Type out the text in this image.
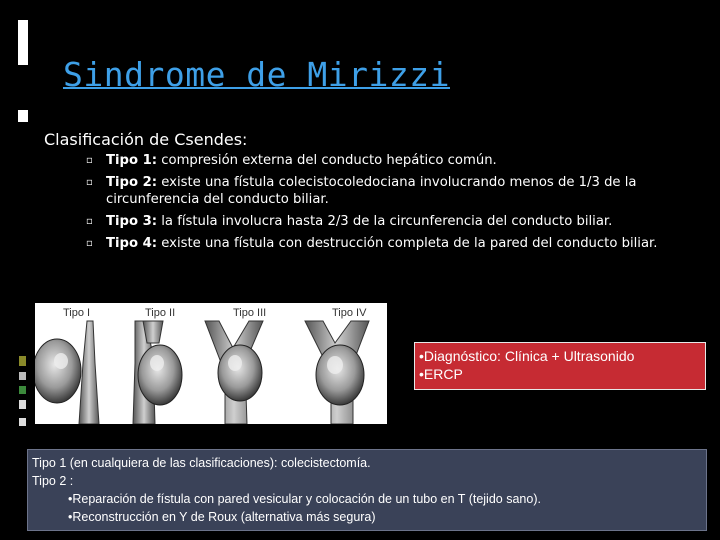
Sindrome de Mirizzi
Clasificación de Csendes:
▫ Tipo 1: compresión externa del conducto hepático común.
▫ Tipo 2: existe una fístula colecistocoledociana involucrando menos de 1/3 de la circunferencia del conducto biliar.
▫ Tipo 3: la fístula involucra hasta 2/3 de la circunferencia del conducto biliar.
▫ Tipo 4: existe una fístula con destrucción completa de la pared del conducto biliar.
Tipo I	Tipo II	Tipo III	Tipo IV
•Diagnóstico: Clínica + Ultrasonido
•ERCP
Tipo 1 (en cualquiera de las clasificaciones): colecistectomía.
Tipo 2 :
•Reparación de fístula con pared vesicular y colocación de un tubo en T (tejido sano).
•Reconstrucción en Y de Roux (alternativa más segura)
